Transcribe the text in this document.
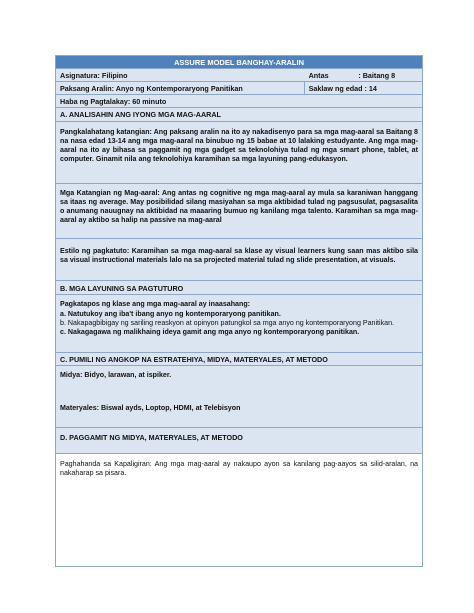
ASSURE MODEL BANGHAY-ARALIN
Asignatura: Filipino	Antas	: Baitang 8
Paksang Aralin: Anyo ng Kontemporaryong Panitikan	Saklaw ng edad : 14
Haba ng Pagtalakay: 60 minuto
A. ANALISAHIN ANG IYONG MGA MAG-AARAL

Pangkalahatang katangian: Ang paksang aralin na ito ay nakadisenyo para sa mga mag-aaral sa Baitang 8 na nasa edad 13-14 ang mga mag-aaral na binubuo ng 15 babae at 10 lalaking estudyante. Ang mga mag-aaral na ito ay bihasa sa paggamit ng mga gadget sa teknolohiya tulad ng mga smart phone, tablet, at computer. Ginamit nila ang teknolohiya karamihan sa mga layuning pang-edukasyon.

Mga Katangian ng Mag-aaral: Ang antas ng cognitive ng mga mag-aaral ay mula sa karaniwan hanggang sa itaas ng average. May posibilidad silang masiyahan sa mga aktibidad tulad ng pagsusulat, pagsasalita o anumang nauugnay na aktibidad na maaaring bumuo ng kanilang mga talento. Karamihan sa mga mag-aaral ay aktibo sa halip na passive na mag-aaral

Estilo ng pagkatuto: Karamihan sa mga mag-aaral sa klase ay visual learners kung saan mas aktibo sila sa visual instructional materials lalo na sa projected material tulad ng slide presentation, at visuals.

B. MGA LAYUNING SA PAGTUTURO

Pagkatapos ng klase ang mga mag-aaral ay inaasahang:

a. Natutukoy ang iba't ibang anyo ng kontemporaryong panitikan.

b. Nakapagbibigay ng sariling reaskyon at opinyon patungkol sa mga anyo ng kontemporaryong Panitikan.

c. Nakagagawa ng malikhaing ideya gamit ang mga anyo ng kontemporaryong panitikan.

C. PUMILI NG ANGKOP NA ESTRATEHIYA, MIDYA, MATERYALES, AT METODO

Midya: Bidyo, larawan, at ispiker.

Materyales: Biswal ayds, Loptop, HDMI, at Telebisyon

D. PAGGAMIT NG MIDYA, MATERYALES, AT METODO

Paghahanda sa Kapaligiran: Ang mga mag-aaral ay nakaupo ayon sa kanilang pag-aayos sa silid-aralan, na nakaharap sa pisara.
